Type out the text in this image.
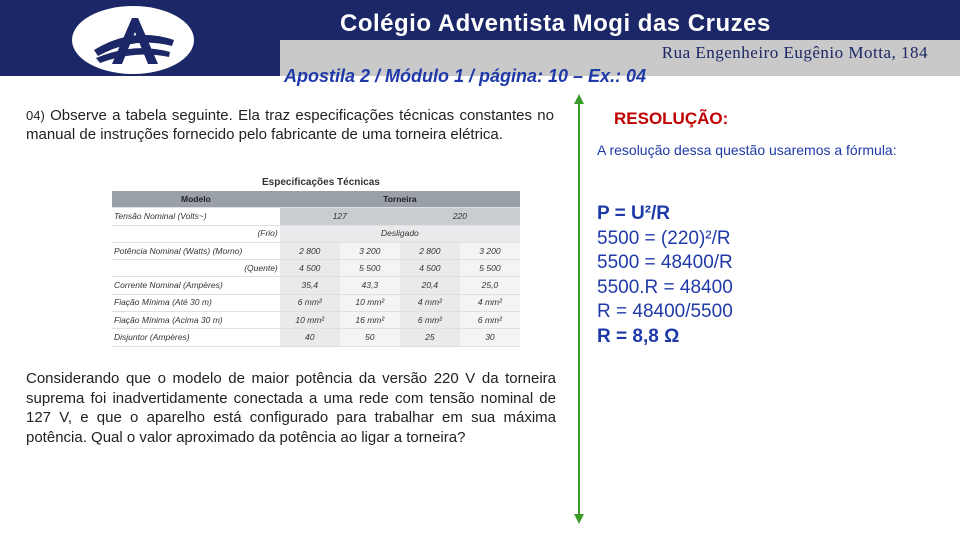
Colégio Adventista Mogi das Cruzes
Rua Engenheiro Eugênio Motta, 184
Apostila 2 / Módulo 1 / página: 10 – Ex.: 04
04) Observe a tabela seguinte. Ela traz especificações técnicas constantes no manual de instruções fornecido pelo fabricante de uma torneira elétrica.
Especificações Técnicas
Modelo	Torneira			
Tensão Nominal (Volts~)	127		220	
(Frio)	Desligado			
Potência Nominal (Watts) (Morno)	2 800	3 200	2 800	3 200
(Quente)	4 500	5 500	4 500	5 500
Corrente Nominal (Ampères)	35,4	43,3	20,4	25,0
Fiação Mínima (Até 30 m)	6 mm²	10 mm²	4 mm²	4 mm²
Fiação Mínima (Acima 30 m)	10 mm²	16 mm²	6 mm²	6 mm²
Disjuntor (Ampères)	40	50	25	30
Considerando que o modelo de maior potência da versão 220 V da torneira suprema foi inadvertidamente conectada a uma rede com tensão nominal de 127 V, e que o aparelho está configurado para trabalhar em sua máxima potência. Qual o valor aproximado da potência ao ligar a torneira?
RESOLUÇÃO:
A resolução dessa questão usaremos a fórmula:
P = U²/R
5500 = (220)²/R
5500 = 48400/R
5500.R = 48400
R = 48400/5500
R = 8,8 Ω
